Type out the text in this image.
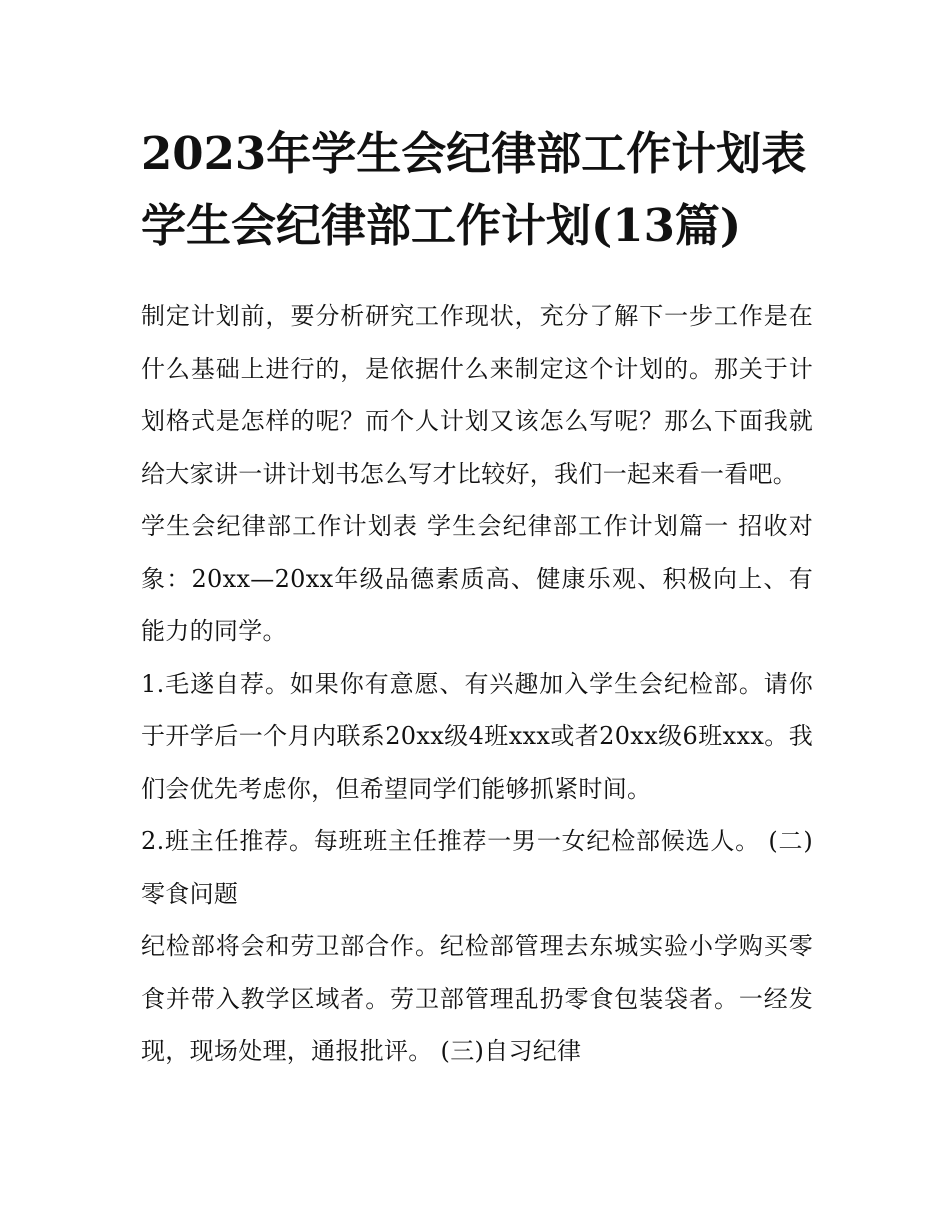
2023年学生会纪律部工作计划表 学生会纪律部工作计划(13篇)

制定计划前，要分析研究工作现状，充分了解下一步工作是在什么基础上进行的，是依据什么来制定这个计划的。那关于计划格式是怎样的呢？而个人计划又该怎么写呢？那么下面我就给大家讲一讲计划书怎么写才比较好，我们一起来看一看吧。

学生会纪律部工作计划表 学生会纪律部工作计划篇一 招收对象：20xx—20xx年级品德素质高、健康乐观、积极向上、有能力的同学。

1.毛遂自荐。如果你有意愿、有兴趣加入学生会纪检部。请你于开学后一个月内联系20xx级4班xxx或者20xx级6班xxx。我们会优先考虑你，但希望同学们能够抓紧时间。

2.班主任推荐。每班班主任推荐一男一女纪检部候选人。 (二)零食问题

纪检部将会和劳卫部合作。纪检部管理去东城实验小学购买零食并带入教学区域者。劳卫部管理乱扔零食包装袋者。一经发现，现场处理，通报批评。 (三)自习纪律
